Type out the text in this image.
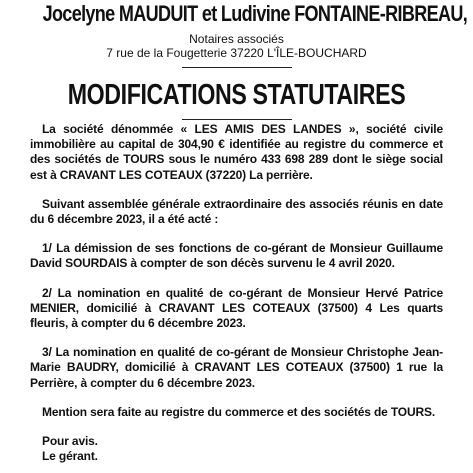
Jocelyne MAUDUIT et Ludivine FONTAINE-RIBREAU,
Notaires associés
7 rue de la Fougetterie 37220 L'ÎLE-BOUCHARD
MODIFICATIONS STATUTAIRES

La société dénommée « LES AMIS DES LANDES », société civile immobilière au capital de 304,90 € identifiée au registre du commerce et des sociétés de TOURS sous le numéro 433 698 289 dont le siège social est à CRAVANT LES COTEAUX (37220) La perrière.

Suivant assemblée générale extraordinaire des associés réunis en date du 6 décembre 2023, il a été acté :

1/ La démission de ses fonctions de co-gérant de Monsieur Guillaume David SOURDAIS à compter de son décès survenu le 4 avril 2020.

2/ La nomination en qualité de co-gérant de Monsieur Hervé Patrice MENIER, domicilié à CRAVANT LES COTEAUX (37500) 4 Les quarts fleuris, à compter du 6 décembre 2023.

3/ La nomination en qualité de co-gérant de Monsieur Christophe Jean-Marie BAUDRY, domicilié à CRAVANT LES COTEAUX (37500) 1 rue la Perrière, à compter du 6 décembre 2023.

Mention sera faite au registre du commerce et des sociétés de TOURS.

Pour avis.

Le gérant.
